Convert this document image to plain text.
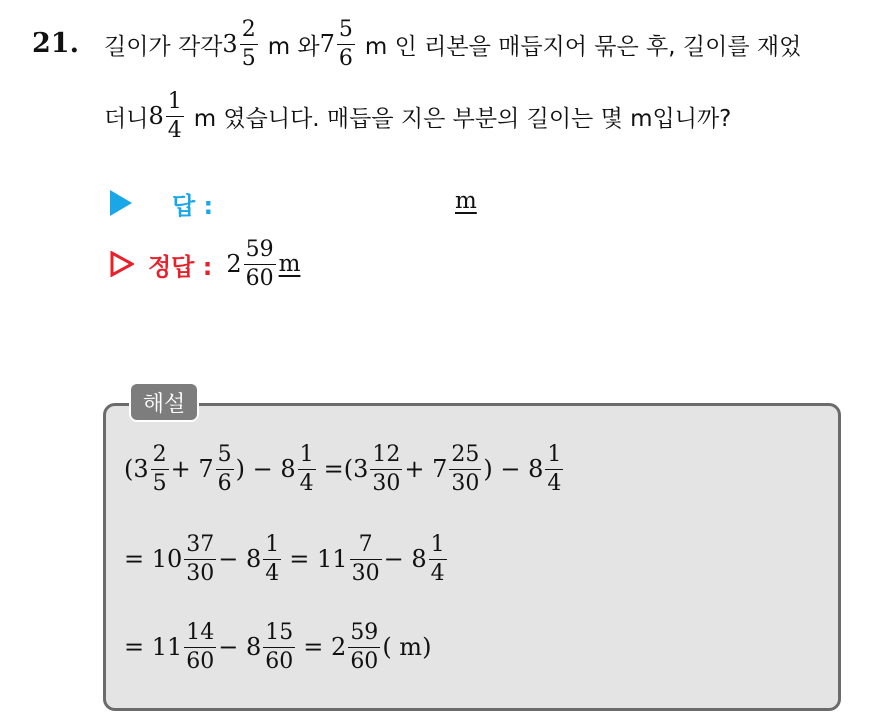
21. 길이가 각각 $3 \frac{2}{5}$ m 와 $7 \frac{5}{6}$ m 인 리본을 매듭지어 묶은 후, 길이를 재었
더니 $8 \frac{1}{4}$ m 였습니다. 매듭을 지은 부분의 길이는 몇 m입니까?
답 :	m
정답 : $2 \frac{59}{60}$ m
해설
($3 \frac{2}{5} + 7 \frac{5}{6}$ ) − $8 \frac{1}{4} =(3 \frac{12}{30} + 7 \frac{25}{30}$ ) − $8 \frac{1}{4}$
= $10 \frac{37}{30} - 8 \frac{1}{4} = 11 \frac{7}{30} - 8 \frac{1}{4}$
= $11 \frac{14}{60} - 8 \frac{15}{60} = 2 \frac{59}{60}$ ( m)
